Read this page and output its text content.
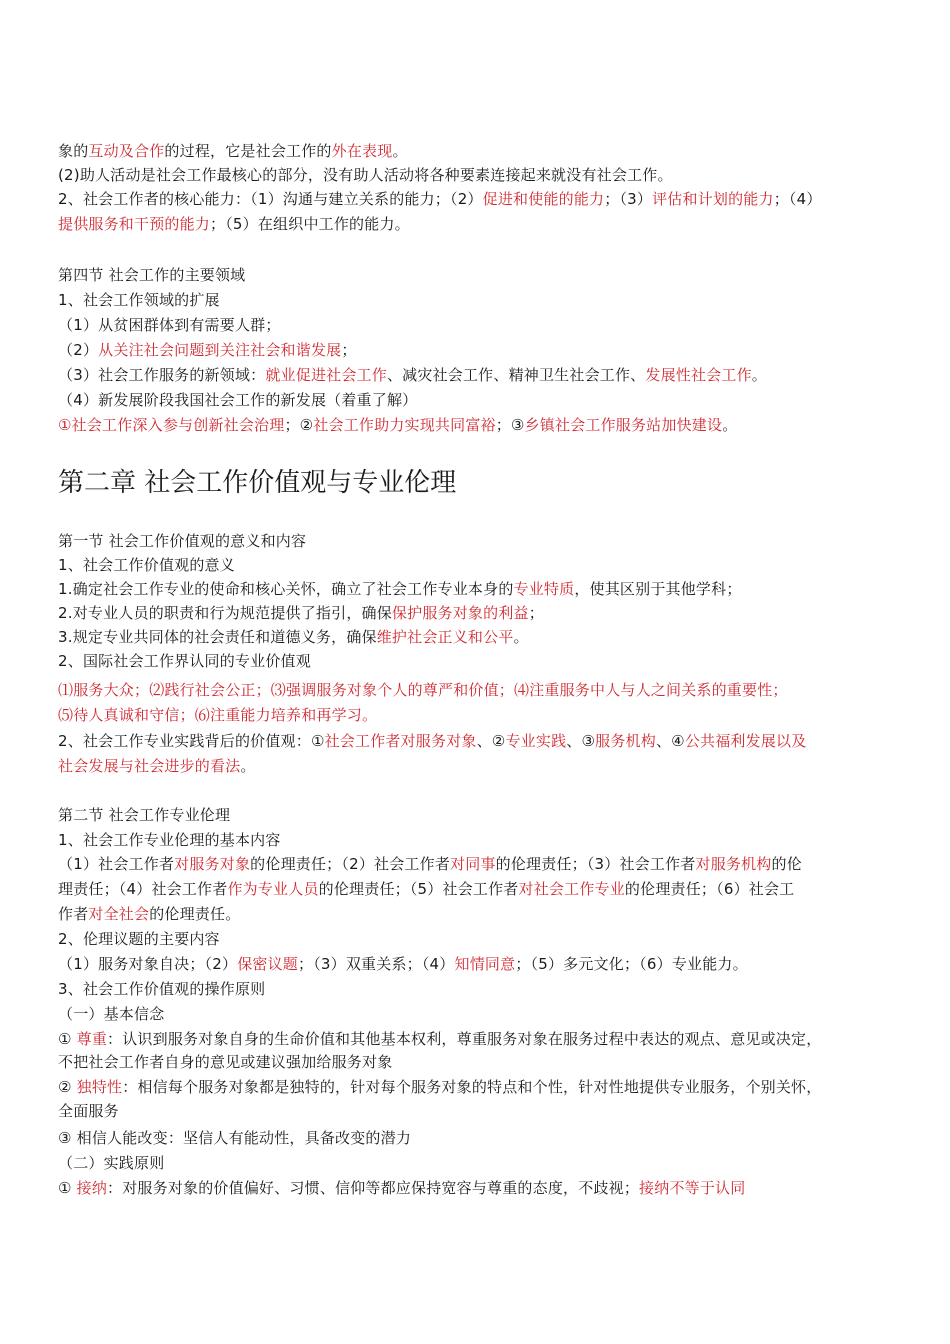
象的互动及合作的过程，它是社会工作的外在表现。
(2)助人活动是社会工作最核心的部分，没有助人活动将各种要素连接起来就没有社会工作。
2、社会工作者的核心能力：（1）沟通与建立关系的能力；（2）促进和使能的能力；（3）评估和计划的能力；（4）
提供服务和干预的能力；（5）在组织中工作的能力。
第四节 社会工作的主要领域
1、社会工作领域的扩展
（1）从贫困群体到有需要人群；
（2）从关注社会问题到关注社会和谐发展；
（3）社会工作服务的新领域：就业促进社会工作、减灾社会工作、精神卫生社会工作、发展性社会工作。
（4）新发展阶段我国社会工作的新发展（着重了解）
①社会工作深入参与创新社会治理；②社会工作助力实现共同富裕；③乡镇社会工作服务站加快建设。
第二章 社会工作价值观与专业伦理
第一节 社会工作价值观的意义和内容
1、社会工作价值观的意义
1.确定社会工作专业的使命和核心关怀，确立了社会工作专业本身的专业特质，使其区别于其他学科；
2.对专业人员的职责和行为规范提供了指引，确保保护服务对象的利益；
3.规定专业共同体的社会责任和道德义务，确保维护社会正义和公平。
2、国际社会工作界认同的专业价值观
⑴服务大众；⑵践行社会公正；⑶强调服务对象个人的尊严和价值；⑷注重服务中人与人之间关系的重要性；
⑸待人真诚和守信；⑹注重能力培养和再学习。
2、社会工作专业实践背后的价值观：①社会工作者对服务对象、②专业实践、③服务机构、④公共福利发展以及
社会发展与社会进步的看法。
第二节 社会工作专业伦理
1、社会工作专业伦理的基本内容
（1）社会工作者对服务对象的伦理责任；（2）社会工作者对同事的伦理责任；（3）社会工作者对服务机构的伦
理责任；（4）社会工作者作为专业人员的伦理责任；（5）社会工作者对社会工作专业的伦理责任；（6）社会工
作者对全社会的伦理责任。
2、伦理议题的主要内容
（1）服务对象自决；（2）保密议题；（3）双重关系；（4）知情同意；（5）多元文化；（6）专业能力。
3、社会工作价值观的操作原则
（一）基本信念
① 尊重：认识到服务对象自身的生命价值和其他基本权利，尊重服务对象在服务过程中表达的观点、意见或决定，
不把社会工作者自身的意见或建议强加给服务对象
② 独特性：相信每个服务对象都是独特的，针对每个服务对象的特点和个性，针对性地提供专业服务，个别关怀，
全面服务
③ 相信人能改变：坚信人有能动性，具备改变的潜力
（二）实践原则
① 接纳：对服务对象的价值偏好、习惯、信仰等都应保持宽容与尊重的态度，不歧视；接纳不等于认同
